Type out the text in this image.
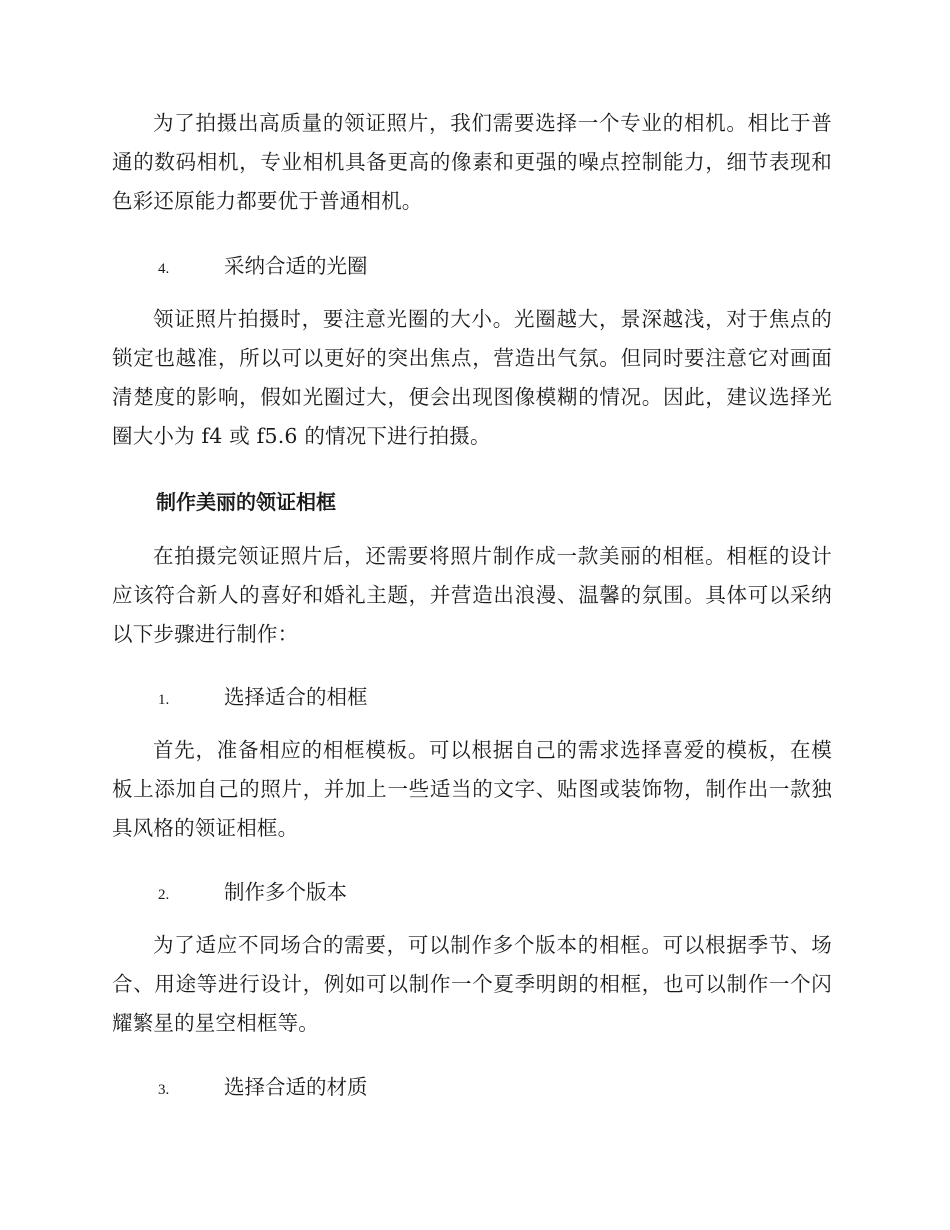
为了拍摄出高质量的领证照片，我们需要选择一个专业的相机。相比于普通的数码相机，专业相机具备更高的像素和更强的噪点控制能力，细节表现和色彩还原能力都要优于普通相机。

4.	采纳合适的光圈

领证照片拍摄时，要注意光圈的大小。光圈越大，景深越浅，对于焦点的锁定也越准，所以可以更好的突出焦点，营造出气氛。但同时要注意它对画面清楚度的影响，假如光圈过大，便会出现图像模糊的情况。因此，建议选择光圈大小为 f4 或 f5.6 的情况下进行拍摄。

制作美丽的领证相框

在拍摄完领证照片后，还需要将照片制作成一款美丽的相框。相框的设计应该符合新人的喜好和婚礼主题，并营造出浪漫、温馨的氛围。具体可以采纳以下步骤进行制作：

1.	选择适合的相框

首先，准备相应的相框模板。可以根据自己的需求选择喜爱的模板，在模板上添加自己的照片，并加上一些适当的文字、贴图或装饰物，制作出一款独具风格的领证相框。

2.	制作多个版本

为了适应不同场合的需要，可以制作多个版本的相框。可以根据季节、场合、用途等进行设计，例如可以制作一个夏季明朗的相框，也可以制作一个闪耀繁星的星空相框等。

3.	选择合适的材质
